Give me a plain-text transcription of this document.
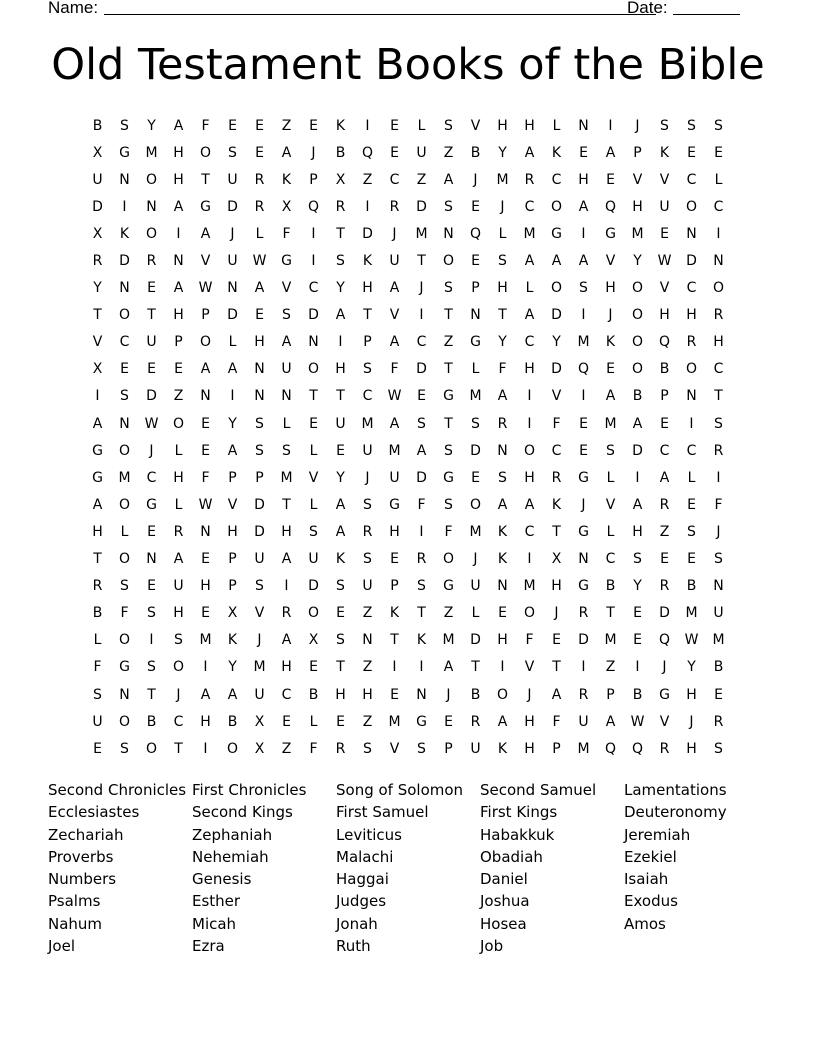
Name:	Date:
Old Testament Books of the Bible
B	S	Y	A	F	E	E	Z	E	K	I	E	L	S	V	H	H	L	N	I	J	S	S	S
X	G	M	H	O	S	E	A	J	B	Q	E	U	Z	B	Y	A	K	E	A	P	K	E	E
U	N	O	H	T	U	R	K	P	X	Z	C	Z	A	J	M	R	C	H	E	V	V	C	L
D	I	N	A	G	D	R	X	Q	R	I	R	D	S	E	J	C	O	A	Q	H	U	O	C
X	K	O	I	A	J	L	F	I	T	D	J	M	N	Q	L	M	G	I	G	M	E	N	I
R	D	R	N	V	U	W	G	I	S	K	U	T	O	E	S	A	A	A	V	Y	W	D	N
Y	N	E	A	W	N	A	V	C	Y	H	A	J	S	P	H	L	O	S	H	O	V	C	O
T	O	T	H	P	D	E	S	D	A	T	V	I	T	N	T	A	D	I	J	O	H	H	R
V	C	U	P	O	L	H	A	N	I	P	A	C	Z	G	Y	C	Y	M	K	O	Q	R	H
X	E	E	E	A	A	N	U	O	H	S	F	D	T	L	F	H	D	Q	E	O	B	O	C
I	S	D	Z	N	I	N	N	T	T	C	W	E	G	M	A	I	V	I	A	B	P	N	T
A	N	W	O	E	Y	S	L	E	U	M	A	S	T	S	R	I	F	E	M	A	E	I	S
G	O	J	L	E	A	S	S	L	E	U	M	A	S	D	N	O	C	E	S	D	C	C	R
G	M	C	H	F	P	P	M	V	Y	J	U	D	G	E	S	H	R	G	L	I	A	L	I
A	O	G	L	W	V	D	T	L	A	S	G	F	S	O	A	A	K	J	V	A	R	E	F
H	L	E	R	N	H	D	H	S	A	R	H	I	F	M	K	C	T	G	L	H	Z	S	J
T	O	N	A	E	P	U	A	U	K	S	E	R	O	J	K	I	X	N	C	S	E	E	S
R	S	E	U	H	P	S	I	D	S	U	P	S	G	U	N	M	H	G	B	Y	R	B	N
B	F	S	H	E	X	V	R	O	E	Z	K	T	Z	L	E	O	J	R	T	E	D	M	U
L	O	I	S	M	K	J	A	X	S	N	T	K	M	D	H	F	E	D	M	E	Q	W	M
F	G	S	O	I	Y	M	H	E	T	Z	I	I	A	T	I	V	T	I	Z	I	J	Y	B
S	N	T	J	A	A	U	C	B	H	H	E	N	J	B	O	J	A	R	P	B	G	H	E
U	O	B	C	H	B	X	E	L	E	Z	M	G	E	R	A	H	F	U	A	W	V	J	R
E	S	O	T	I	O	X	Z	F	R	S	V	S	P	U	K	H	P	M	Q	Q	R	H	S
Second Chronicles
Ecclesiastes
Zechariah
Proverbs
Numbers
Psalms
Nahum
Joel
First Chronicles
Second Kings
Zephaniah
Nehemiah
Genesis
Esther
Micah
Ezra
Song of Solomon
First Samuel
Leviticus
Malachi
Haggai
Judges
Jonah
Ruth
Second Samuel
First Kings
Habakkuk
Obadiah
Daniel
Joshua
Hosea
Job
Lamentations
Deuteronomy
Jeremiah
Ezekiel
Isaiah
Exodus
Amos
